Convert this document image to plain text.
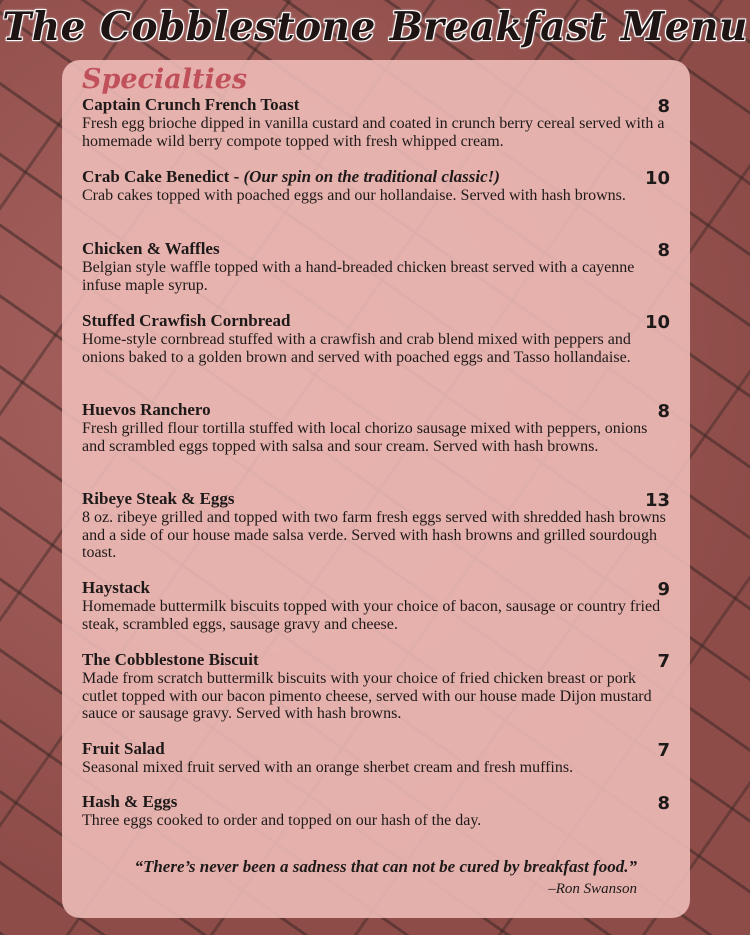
The Cobblestone Breakfast Menu
Specialties
Captain Crunch French Toast
Fresh egg brioche dipped in vanilla custard and coated in crunch berry cereal served with a homemade wild berry compote topped with fresh whipped cream.
8
Crab Cake Benedict - (Our spin on the traditional classic!)
Crab cakes topped with poached eggs and our hollandaise. Served with hash browns.
10
Chicken & Waffles
Belgian style waffle topped with a hand-breaded chicken breast served with a cayenne infuse maple syrup.
8
Stuffed Crawfish Cornbread
Home-style cornbread stuffed with a crawfish and crab blend mixed with peppers and onions baked to a golden brown and served with poached eggs and Tasso hollandaise.
10
Huevos Ranchero
Fresh grilled flour tortilla stuffed with local chorizo sausage mixed with peppers, onions and scrambled eggs topped with salsa and sour cream. Served with hash browns.
8
Ribeye Steak & Eggs
8 oz. ribeye grilled and topped with two farm fresh eggs served with shredded hash browns and a side of our house made salsa verde. Served with hash browns and grilled sourdough toast.
13
Haystack
Homemade buttermilk biscuits topped with your choice of bacon, sausage or country fried steak, scrambled eggs, sausage gravy and cheese.
9
The Cobblestone Biscuit
Made from scratch buttermilk biscuits with your choice of fried chicken breast or pork cutlet topped with our bacon pimento cheese, served with our house made Dijon mustard sauce or sausage gravy. Served with hash browns.
7
Fruit Salad
Seasonal mixed fruit served with an orange sherbet cream and fresh muffins.
7
Hash & Eggs
Three eggs cooked to order and topped on our hash of the day.
8
“There’s never been a sadness that can not be cured by breakfast food.”
–Ron Swanson
